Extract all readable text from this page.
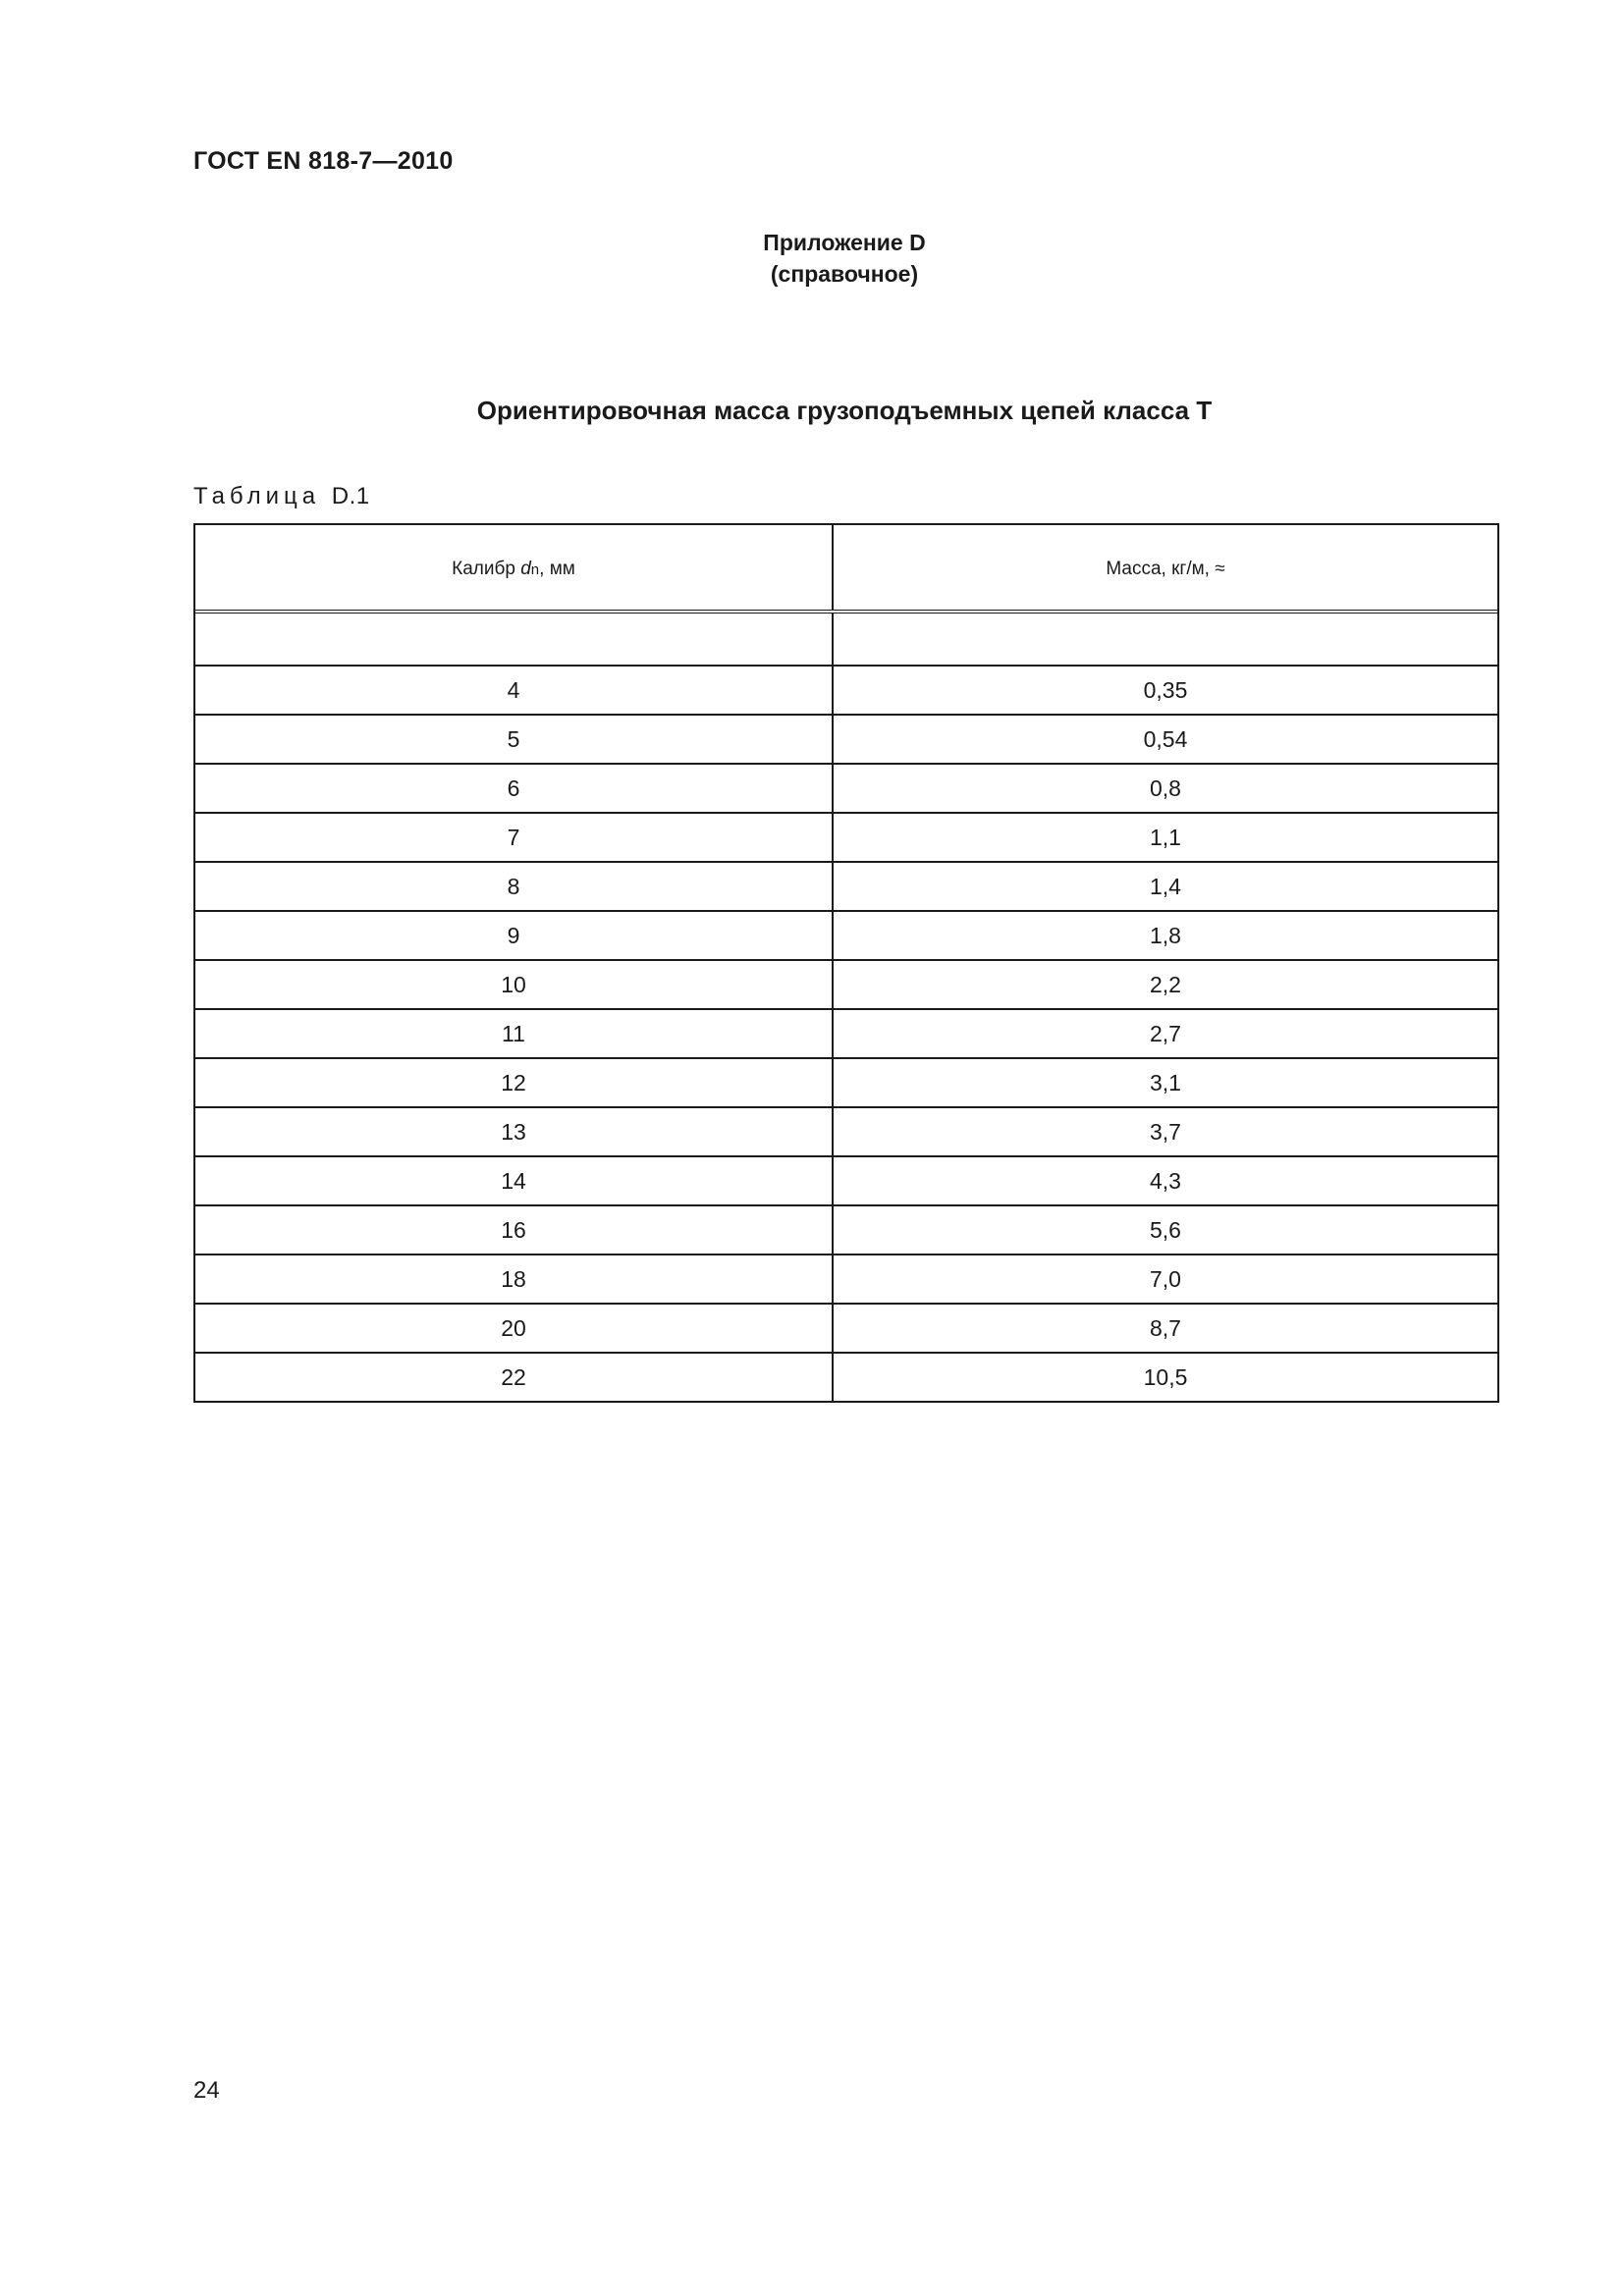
ГОСТ EN 818-7—2010
Приложение D
(справочное)
Ориентировочная масса грузоподъемных цепей класса Т
Таблица D.1
Калибр d n , мм	Масса, кг/м, ≈
4	0,35
5	0,54
6	0,8
7	1,1
8	1,4
9	1,8
10	2,2
11	2,7
12	3,1
13	3,7
14	4,3
16	5,6
18	7,0
20	8,7
22	10,5
24
